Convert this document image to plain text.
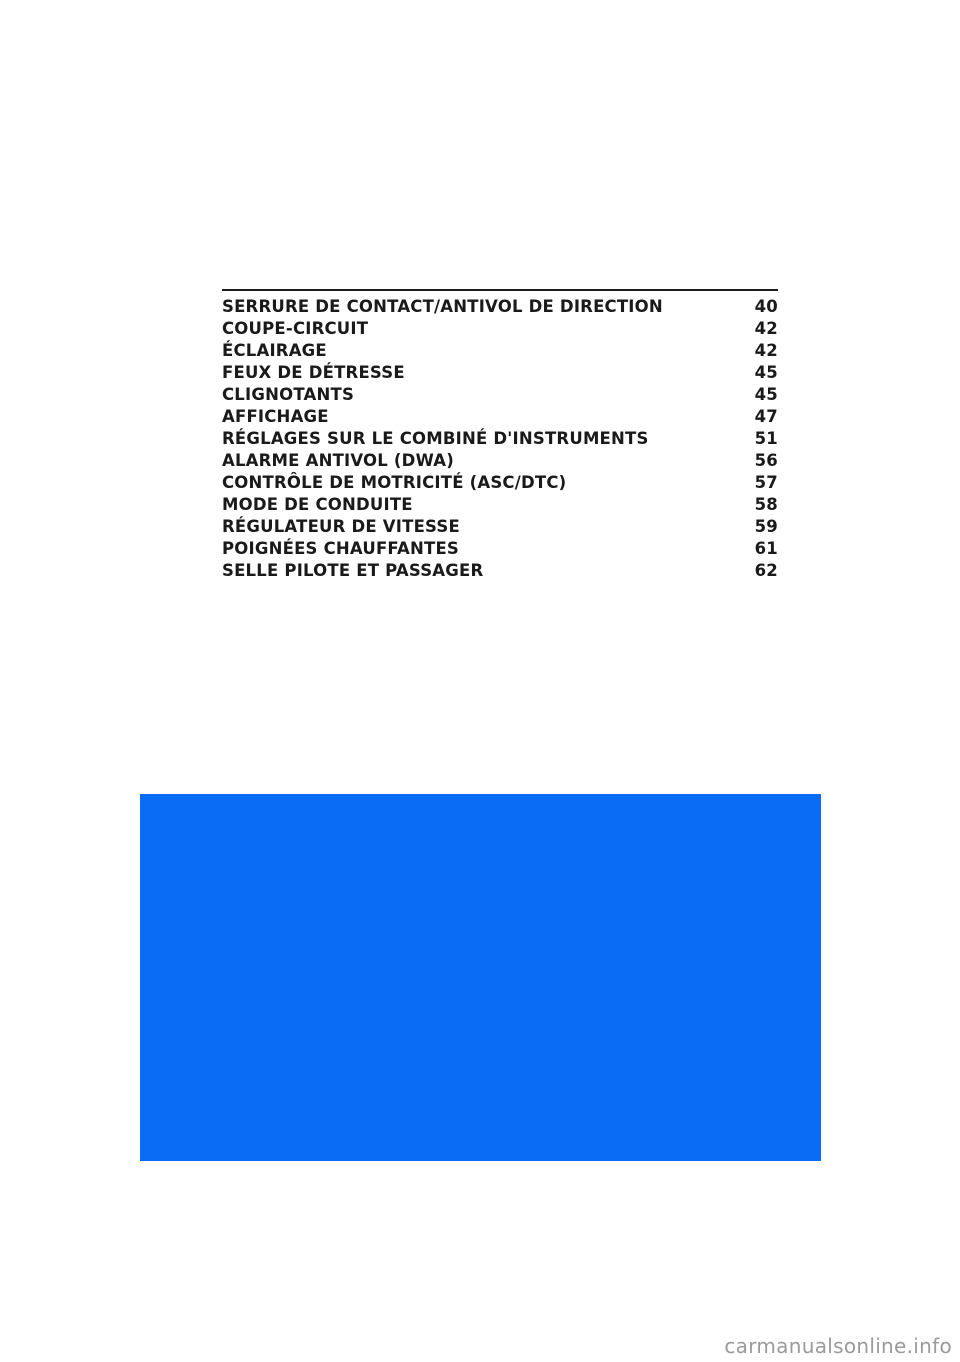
SERRURE DE CONTACT/ANTIVOL DE DIRECTION	40
COUPE-CIRCUIT	42
ÉCLAIRAGE	42
FEUX DE DÉTRESSE	45
CLIGNOTANTS	45
AFFICHAGE	47
RÉGLAGES SUR LE COMBINÉ D'INSTRUMENTS	51
ALARME ANTIVOL (DWA)	56
CONTRÔLE DE MOTRICITÉ (ASC/DTC)	57
MODE DE CONDUITE	58
RÉGULATEUR DE VITESSE	59
POIGNÉES CHAUFFANTES	61
SELLE PILOTE ET PASSAGER	62
carmanualsonline.info
